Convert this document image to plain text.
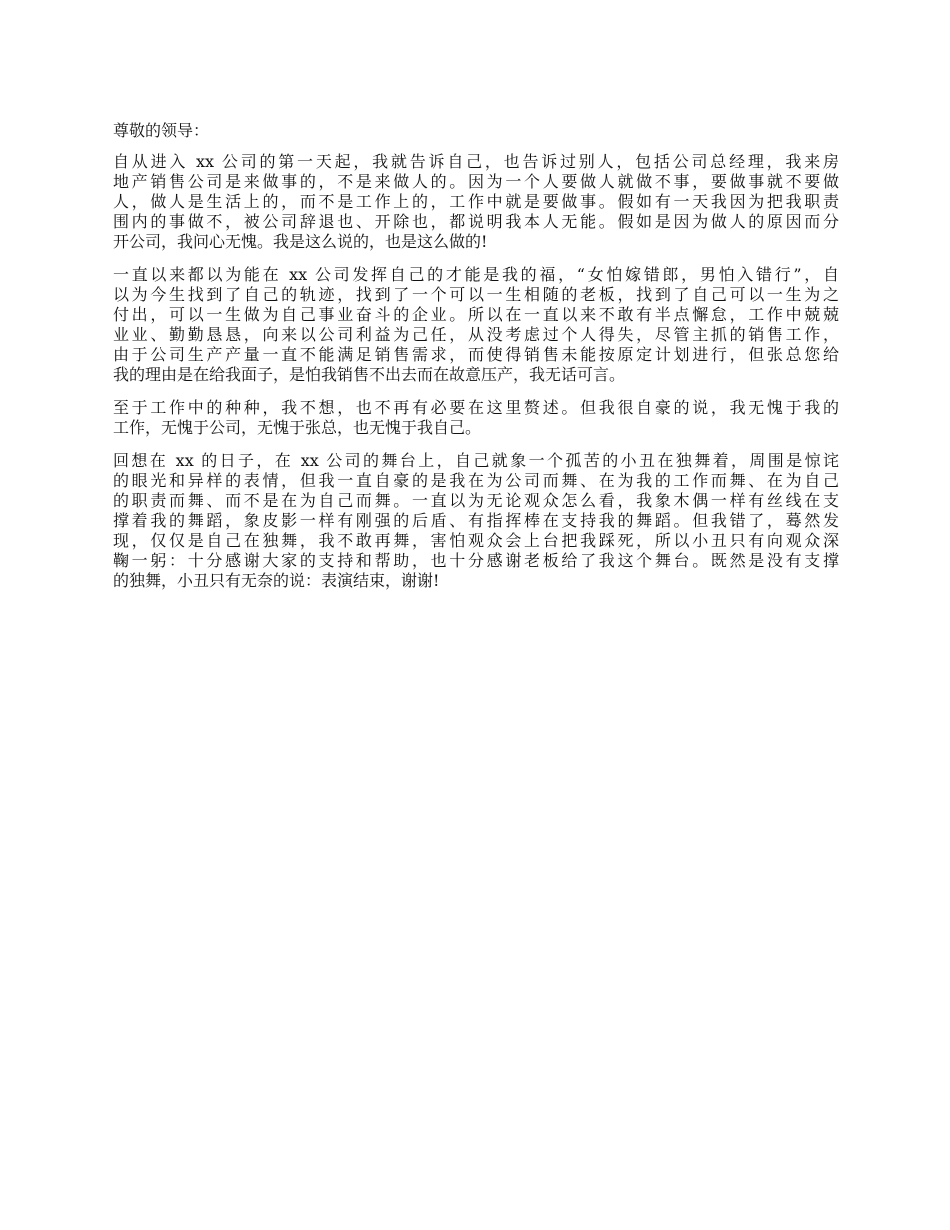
尊敬的领导：
自从进入 xx 公司的第一天起，我就告诉自己，也告诉过别人，包括公司总经理，我来房
地产销售公司是来做事的，不是来做人的。因为一个人要做人就做不事，要做事就不要做
人，做人是生活上的，而不是工作上的，工作中就是要做事。假如有一天我因为把我职责
围内的事做不，被公司辞退也、开除也，都说明我本人无能。假如是因为做人的原因而分
开公司，我问心无愧。我是这么说的，也是这么做的!
一直以来都以为能在 xx 公司发挥自己的才能是我的福，“女怕嫁错郎，男怕入错行”，自
以为今生找到了自己的轨迹，找到了一个可以一生相随的老板，找到了自己可以一生为之
付出，可以一生做为自己事业奋斗的企业。所以在一直以来不敢有半点懈怠，工作中兢兢
业业、勤勤恳恳，向来以公司利益为己任，从没考虑过个人得失，尽管主抓的销售工作，
由于公司生产产量一直不能满足销售需求，而使得销售未能按原定计划进行，但张总您给
我的理由是在给我面子，是怕我销售不出去而在故意压产，我无话可言。
至于工作中的种种，我不想，也不再有必要在这里赘述。但我很自豪的说，我无愧于我的
工作，无愧于公司，无愧于张总，也无愧于我自己。
回想在 xx 的日子，在 xx 公司的舞台上，自己就象一个孤苦的小丑在独舞着，周围是惊诧
的眼光和异样的表情，但我一直自豪的是我在为公司而舞、在为我的工作而舞、在为自己
的职责而舞、而不是在为自己而舞。一直以为无论观众怎么看，我象木偶一样有丝线在支
撑着我的舞蹈，象皮影一样有刚强的后盾、有指挥棒在支持我的舞蹈。但我错了，蓦然发
现，仅仅是自己在独舞，我不敢再舞，害怕观众会上台把我踩死，所以小丑只有向观众深
鞠一躬：十分感谢大家的支持和帮助，也十分感谢老板给了我这个舞台。既然是没有支撑
的独舞，小丑只有无奈的说：表演结束，谢谢!
